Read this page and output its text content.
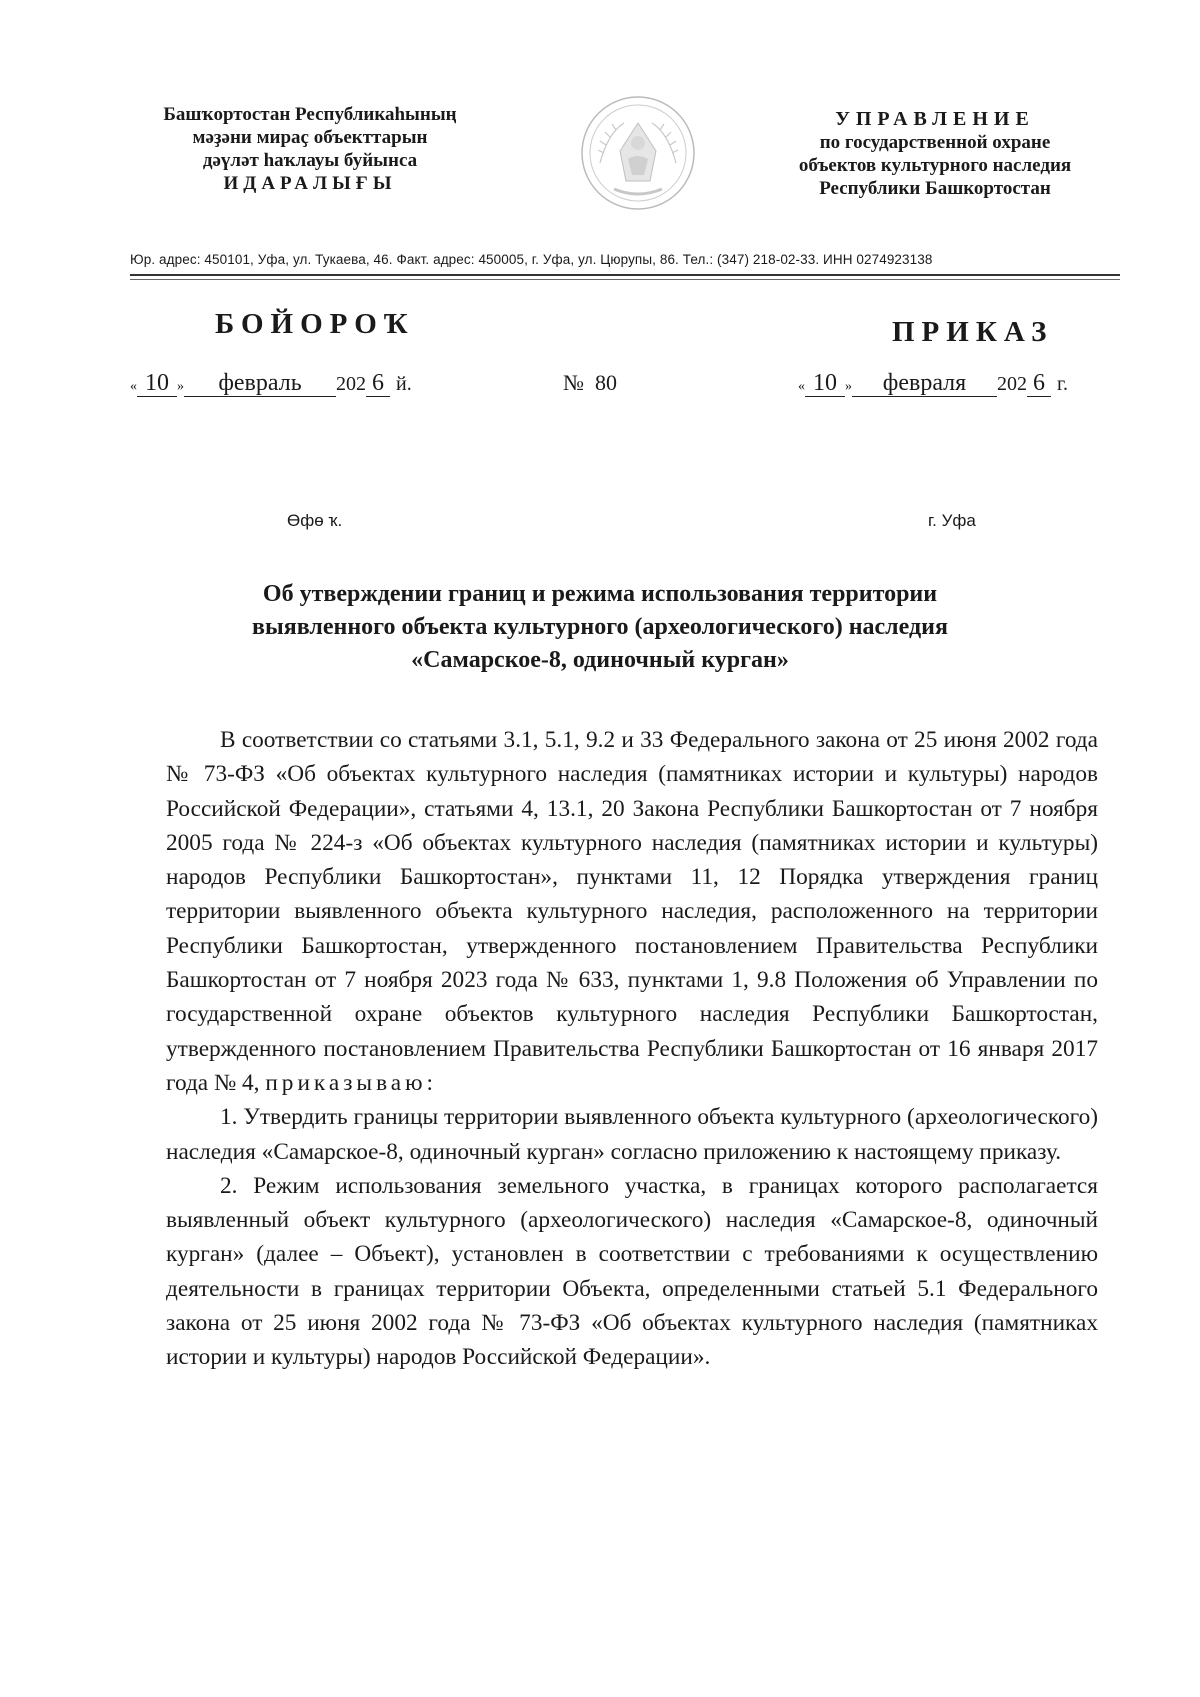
Башҡортостан Республикаһының
мәҙәни мираҫ объекттарын
дәүләт һаҡлауы буйынса
ИДАРАЛЫҒЫ
УПРАВЛЕНИЕ
по государственной охране
объектов культурного наследия
Республики Башкортостан
Юр. адрес: 450101, Уфа, ул. Тукаева, 46. Факт. адрес: 450005, г. Уфа, ул. Цюрупы, 86. Тел.: (347) 218-02-33. ИНН 0274923138
БОЙОРОҠ	ПРИКАЗ
« 10 » февраль 202 6 й.	№ 80	« 10 » февраля 202 6 г.
Өфө ҡ.	г. Уфа
Об утверждении границ и режима использования территории
выявленного объекта культурного (археологического) наследия
«Самарское-8, одиночный курган»

В соответствии со статьями 3.1, 5.1, 9.2 и 33 Федерального закона от 25 июня 2002 года № 73-ФЗ «Об объектах культурного наследия (памятниках истории и культуры) народов Российской Федерации», статьями 4, 13.1, 20 Закона Республики Башкортостан от 7 ноября 2005 года № 224-з «Об объектах культурного наследия (памятниках истории и культуры) народов Республики Башкортостан», пунктами 11, 12 Порядка утверждения границ территории выявленного объекта культурного наследия, расположенного на территории Республики Башкортостан, утвержденного постановлением Правительства Республики Башкортостан от 7 ноября 2023 года № 633, пунктами 1, 9.8 Положения об Управлении по государственной охране объектов культурного наследия Республики Башкортостан, утвержденного постановлением Правительства Республики Башкортостан от 16 января 2017 года № 4, приказываю:

1. Утвердить границы территории выявленного объекта культурного (археологического) наследия «Самарское-8, одиночный курган» согласно приложению к настоящему приказу.

2. Режим использования земельного участка, в границах которого располагается выявленный объект культурного (археологического) наследия «Самарское-8, одиночный курган» (далее – Объект), установлен в соответствии с требованиями к осуществлению деятельности в границах территории Объекта, определенными статьей 5.1 Федерального закона от 25 июня 2002 года № 73-ФЗ «Об объектах культурного наследия (памятниках истории и культуры) народов Российской Федерации».
